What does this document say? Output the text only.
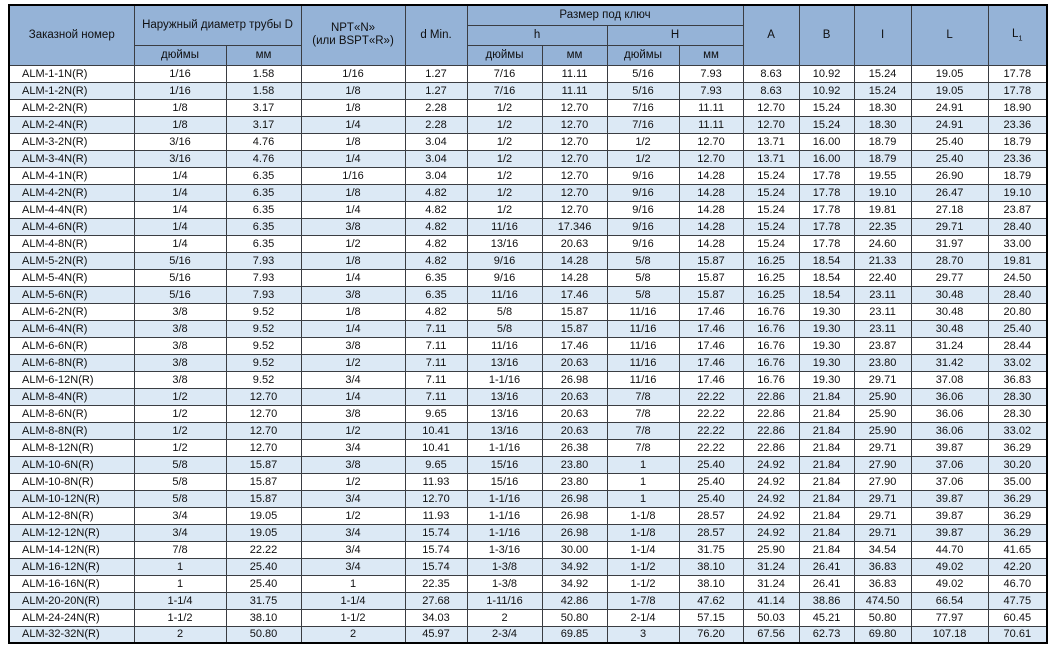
Заказной номер	Наружный диаметр трубы D		NPT«N»
(или BSPT«R»)	d Min.	Размер под ключ				A	B	I	L	$L_1$
					h		H						
	дюймы	мм			дюймы	мм	дюймы	мм					
ALM-1-1N(R)	1/16	1.58	1/16	1.27	7/16	11.11	5/16	7.93	8.63	10.92	15.24	19.05	17.78
ALM-1-2N(R)	1/16	1.58	1/8	1.27	7/16	11.11	5/16	7.93	8.63	10.92	15.24	19.05	17.78
ALM-2-2N(R)	1/8	3.17	1/8	2.28	1/2	12.70	7/16	11.11	12.70	15.24	18.30	24.91	18.90
ALM-2-4N(R)	1/8	3.17	1/4	2.28	1/2	12.70	7/16	11.11	12.70	15.24	18.30	24.91	23.36
ALM-3-2N(R)	3/16	4.76	1/8	3.04	1/2	12.70	1/2	12.70	13.71	16.00	18.79	25.40	18.79
ALM-3-4N(R)	3/16	4.76	1/4	3.04	1/2	12.70	1/2	12.70	13.71	16.00	18.79	25.40	23.36
ALM-4-1N(R)	1/4	6.35	1/16	3.04	1/2	12.70	9/16	14.28	15.24	17.78	19.55	26.90	18.79
ALM-4-2N(R)	1/4	6.35	1/8	4.82	1/2	12.70	9/16	14.28	15.24	17.78	19.10	26.47	19.10
ALM-4-4N(R)	1/4	6.35	1/4	4.82	1/2	12.70	9/16	14.28	15.24	17.78	19.81	27.18	23.87
ALM-4-6N(R)	1/4	6.35	3/8	4.82	11/16	17.346	9/16	14.28	15.24	17.78	22.35	29.71	28.40
ALM-4-8N(R)	1/4	6.35	1/2	4.82	13/16	20.63	9/16	14.28	15.24	17.78	24.60	31.97	33.00
ALM-5-2N(R)	5/16	7.93	1/8	4.82	9/16	14.28	5/8	15.87	16.25	18.54	21.33	28.70	19.81
ALM-5-4N(R)	5/16	7.93	1/4	6.35	9/16	14.28	5/8	15.87	16.25	18.54	22.40	29.77	24.50
ALM-5-6N(R)	5/16	7.93	3/8	6.35	11/16	17.46	5/8	15.87	16.25	18.54	23.11	30.48	28.40
ALM-6-2N(R)	3/8	9.52	1/8	4.82	5/8	15.87	11/16	17.46	16.76	19.30	23.11	30.48	20.80
ALM-6-4N(R)	3/8	9.52	1/4	7.11	5/8	15.87	11/16	17.46	16.76	19.30	23.11	30.48	25.40
ALM-6-6N(R)	3/8	9.52	3/8	7.11	11/16	17.46	11/16	17.46	16.76	19.30	23.87	31.24	28.44
ALM-6-8N(R)	3/8	9.52	1/2	7.11	13/16	20.63	11/16	17.46	16.76	19.30	23.80	31.42	33.02
ALM-6-12N(R)	3/8	9.52	3/4	7.11	1-1/16	26.98	11/16	17.46	16.76	19.30	29.71	37.08	36.83
ALM-8-4N(R)	1/2	12.70	1/4	7.11	13/16	20.63	7/8	22.22	22.86	21.84	25.90	36.06	28.30
ALM-8-6N(R)	1/2	12.70	3/8	9.65	13/16	20.63	7/8	22.22	22.86	21.84	25.90	36.06	28.30
ALM-8-8N(R)	1/2	12.70	1/2	10.41	13/16	20.63	7/8	22.22	22.86	21.84	25.90	36.06	33.02
ALM-8-12N(R)	1/2	12.70	3/4	10.41	1-1/16	26.38	7/8	22.22	22.86	21.84	29.71	39.87	36.29
ALM-10-6N(R)	5/8	15.87	3/8	9.65	15/16	23.80	1	25.40	24.92	21.84	27.90	37.06	30.20
ALM-10-8N(R)	5/8	15.87	1/2	11.93	15/16	23.80	1	25.40	24.92	21.84	27.90	37.06	35.00
ALM-10-12N(R)	5/8	15.87	3/4	12.70	1-1/16	26.98	1	25.40	24.92	21.84	29.71	39.87	36.29
ALM-12-8N(R)	3/4	19.05	1/2	11.93	1-1/16	26.98	1-1/8	28.57	24.92	21.84	29.71	39.87	36.29
ALM-12-12N(R)	3/4	19.05	3/4	15.74	1-1/16	26.98	1-1/8	28.57	24.92	21.84	29.71	39.87	36.29
ALM-14-12N(R)	7/8	22.22	3/4	15.74	1-3/16	30.00	1-1/4	31.75	25.90	21.84	34.54	44.70	41.65
ALM-16-12N(R)	1	25.40	3/4	15.74	1-3/8	34.92	1-1/2	38.10	31.24	26.41	36.83	49.02	42.20
ALM-16-16N(R)	1	25.40	1	22.35	1-3/8	34.92	1-1/2	38.10	31.24	26.41	36.83	49.02	46.70
ALM-20-20N(R)	1-1/4	31.75	1-1/4	27.68	1-11/16	42.86	1-7/8	47.62	41.14	38.86	474.50	66.54	47.75
ALM-24-24N(R)	1-1/2	38.10	1-1/2	34.03	2	50.80	2-1/4	57.15	50.03	45.21	50.80	77.97	60.45
ALM-32-32N(R)	2	50.80	2	45.97	2-3/4	69.85	3	76.20	67.56	62.73	69.80	107.18	70.61
